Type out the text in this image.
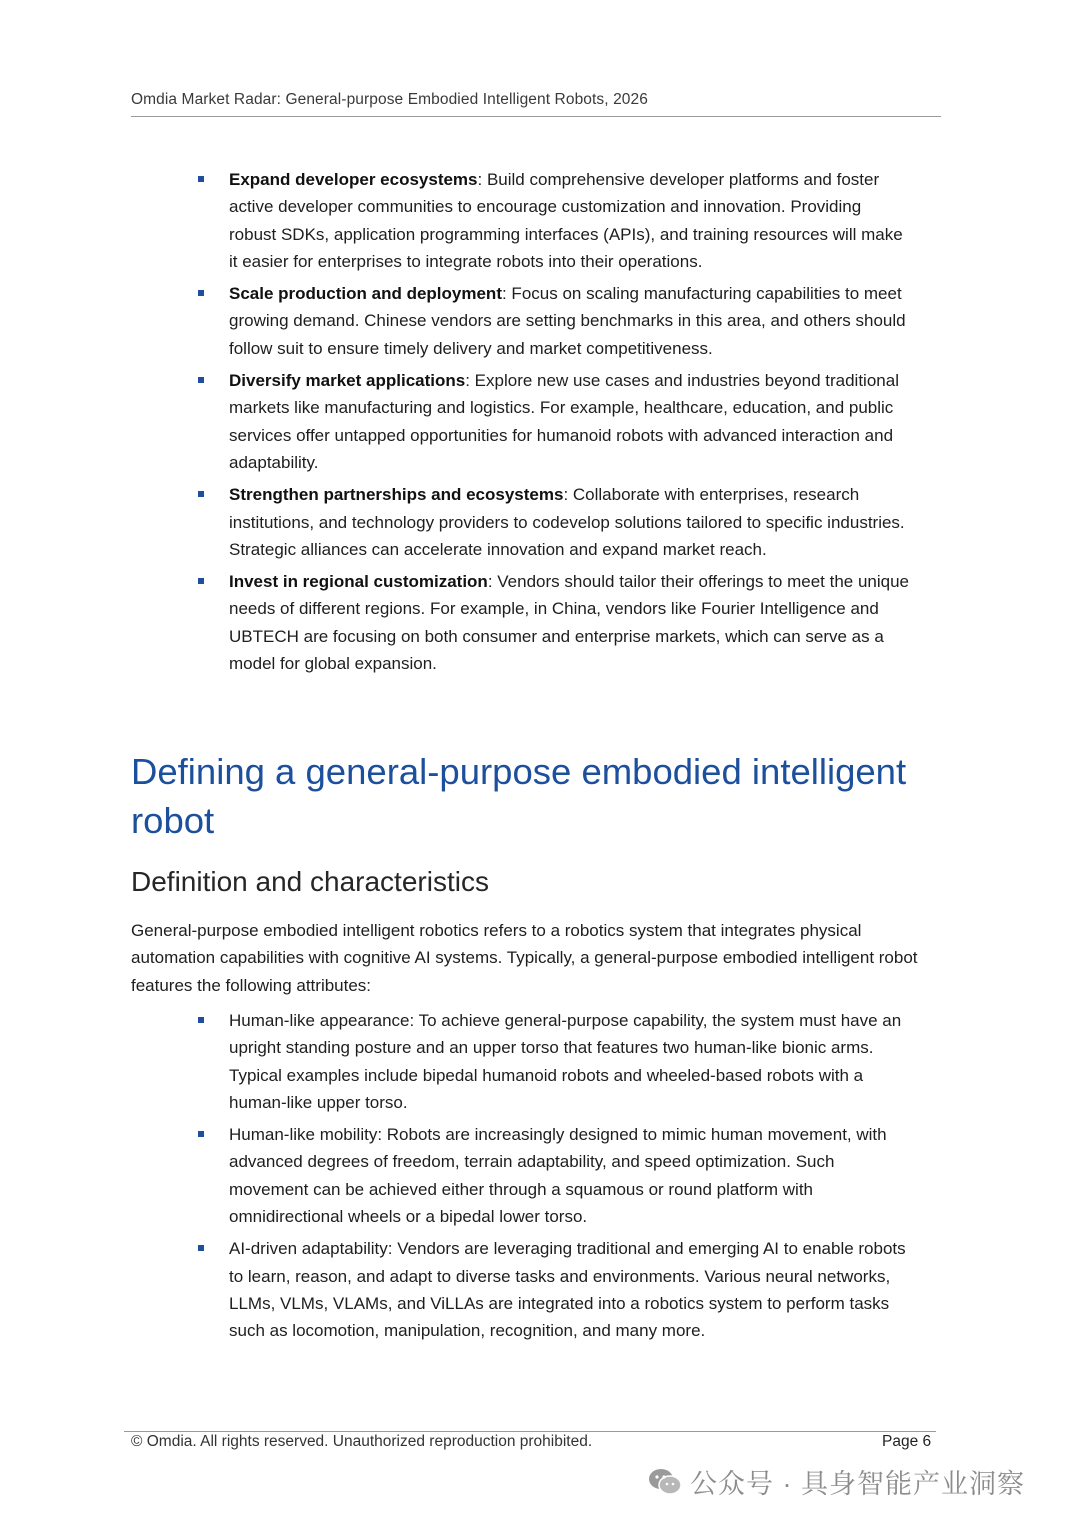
Omdia Market Radar: General-purpose Embodied Intelligent Robots, 2026
Expand developer ecosystems: Build comprehensive developer platforms and foster active developer communities to encourage customization and innovation. Providing robust SDKs, application programming interfaces (APIs), and training resources will make it easier for enterprises to integrate robots into their operations.
Scale production and deployment: Focus on scaling manufacturing capabilities to meet growing demand. Chinese vendors are setting benchmarks in this area, and others should follow suit to ensure timely delivery and market competitiveness.
Diversify market applications: Explore new use cases and industries beyond traditional markets like manufacturing and logistics. For example, healthcare, education, and public services offer untapped opportunities for humanoid robots with advanced interaction and adaptability.
Strengthen partnerships and ecosystems: Collaborate with enterprises, research institutions, and technology providers to codevelop solutions tailored to specific industries. Strategic alliances can accelerate innovation and expand market reach.
Invest in regional customization: Vendors should tailor their offerings to meet the unique needs of different regions. For example, in China, vendors like Fourier Intelligence and UBTECH are focusing on both consumer and enterprise markets, which can serve as a model for global expansion.
Defining a general-purpose embodied intelligent robot
Definition and characteristics

General-purpose embodied intelligent robotics refers to a robotics system that integrates physical automation capabilities with cognitive AI systems. Typically, a general-purpose embodied intelligent robot features the following attributes:

Human-like appearance: To achieve general-purpose capability, the system must have an upright standing posture and an upper torso that features two human-like bionic arms. Typical examples include bipedal humanoid robots and wheeled-based robots with a human-like upper torso.
Human-like mobility: Robots are increasingly designed to mimic human movement, with advanced degrees of freedom, terrain adaptability, and speed optimization. Such movement can be achieved either through a squamous or round platform with omnidirectional wheels or a bipedal lower torso.
AI-driven adaptability: Vendors are leveraging traditional and emerging AI to enable robots to learn, reason, and adapt to diverse tasks and environments. Various neural networks, LLMs, VLMs, VLAMs, and ViLLAs are integrated into a robotics system to perform tasks such as locomotion, manipulation, recognition, and many more.
© Omdia. All rights reserved. Unauthorized reproduction prohibited.	Page 6
公众号 · 具身智能产业洞察
